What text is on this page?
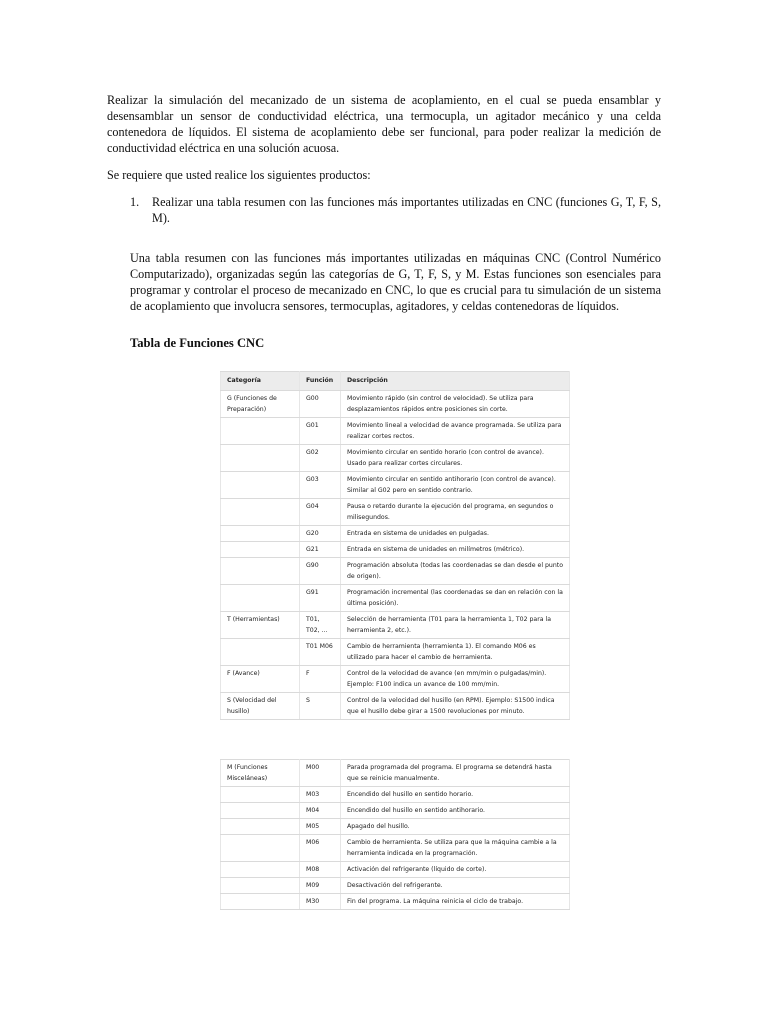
Realizar la simulación del mecanizado de un sistema de acoplamiento, en el cual se pueda ensamblar y desensamblar un sensor de conductividad eléctrica, una termocupla, un agitador mecánico y una celda contenedora de líquidos. El sistema de acoplamiento debe ser funcional, para poder realizar la medición de conductividad eléctrica en una solución acuosa.

Se requiere que usted realice los siguientes productos:

1. Realizar una tabla resumen con las funciones más importantes utilizadas en CNC (funciones G, T, F, S, M).

Una tabla resumen con las funciones más importantes utilizadas en máquinas CNC (Control Numérico Computarizado), organizadas según las categorías de G, T, F, S, y M. Estas funciones son esenciales para programar y controlar el proceso de mecanizado en CNC, lo que es crucial para tu simulación de un sistema de acoplamiento que involucra sensores, termocuplas, agitadores, y celdas contenedoras de líquidos.

Tabla de Funciones CNC
Categoría	Función	Descripción
G (Funciones de Preparación)	G00	Movimiento rápido (sin control de velocidad). Se utiliza para desplazamientos rápidos entre posiciones sin corte.
	G01	Movimiento lineal a velocidad de avance programada. Se utiliza para realizar cortes rectos.
	G02	Movimiento circular en sentido horario (con control de avance). Usado para realizar cortes circulares.
	G03	Movimiento circular en sentido antihorario (con control de avance). Similar al G02 pero en sentido contrario.
	G04	Pausa o retardo durante la ejecución del programa, en segundos o milisegundos.
	G20	Entrada en sistema de unidades en pulgadas.
	G21	Entrada en sistema de unidades en milímetros (métrico).
	G90	Programación absoluta (todas las coordenadas se dan desde el punto de origen).
	G91	Programación incremental (las coordenadas se dan en relación con la última posición).
T (Herramientas)	T01, T02, ...	Selección de herramienta (T01 para la herramienta 1, T02 para la herramienta 2, etc.).
	T01 M06	Cambio de herramienta (herramienta 1). El comando M06 es utilizado para hacer el cambio de herramienta.
F (Avance)	F	Control de la velocidad de avance (en mm/min o pulgadas/min). Ejemplo: F100 indica un avance de 100 mm/min.
S (Velocidad del husillo)	S	Control de la velocidad del husillo (en RPM). Ejemplo: S1500 indica que el husillo debe girar a 1500 revoluciones por minuto.
M (Funciones Misceláneas)	M00	Parada programada del programa. El programa se detendrá hasta que se reinicie manualmente.
	M03	Encendido del husillo en sentido horario.
	M04	Encendido del husillo en sentido antihorario.
	M05	Apagado del husillo.
	M06	Cambio de herramienta. Se utiliza para que la máquina cambie a la herramienta indicada en la programación.
	M08	Activación del refrigerante (líquido de corte).
	M09	Desactivación del refrigerante.
	M30	Fin del programa. La máquina reinicia el ciclo de trabajo.
